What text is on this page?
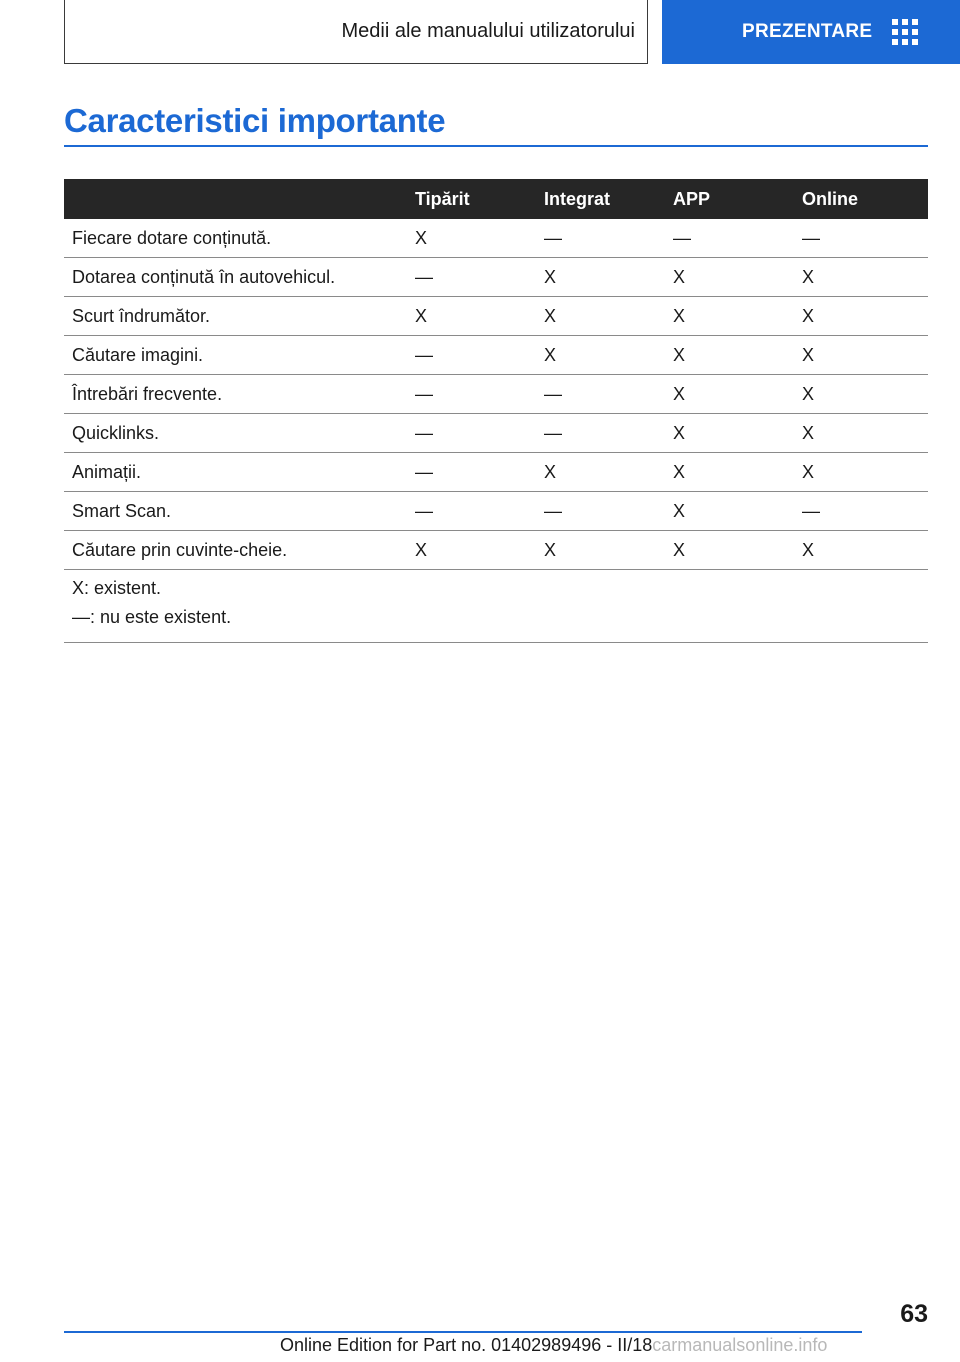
Medii ale manualului utilizatorului	PREZENTARE
Caracteristici importante
	Tipărit	Integrat	APP	Online
Fiecare dotare conținută.	X	—	—	—
Dotarea conținută în autovehicul.	—	X	X	X
Scurt îndrumător.	X	X	X	X
Căutare imagini.	—	X	X	X
Întrebări frecvente.	—	—	X	X
Quicklinks.	—	—	X	X
Animații.	—	X	X	X
Smart Scan.	—	—	X	—
Căutare prin cuvinte-cheie.	X	X	X	X

X: existent.

—: nu este existent.				

63
Online Edition for Part no. 01402989496 - II/18carmanualsonline.info
